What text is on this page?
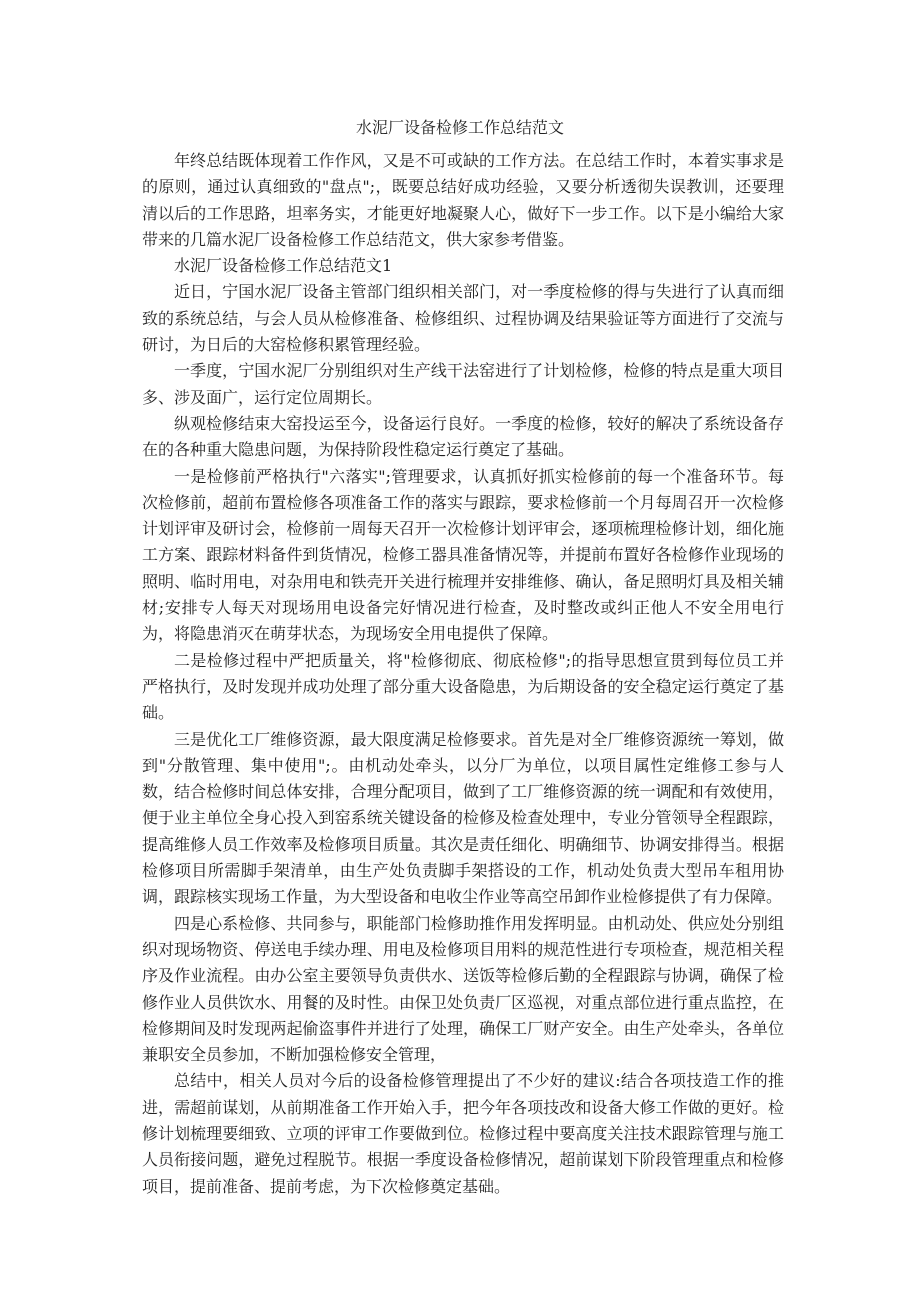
水泥厂设备检修工作总结范文

年终总结既体现着工作作风，又是不可或缺的工作方法。在总结工作时，本着实事求是的原则，通过认真细致的"盘点";，既要总结好成功经验，又要分析透彻失误教训，还要理清以后的工作思路，坦率务实，才能更好地凝聚人心，做好下一步工作。以下是小编给大家带来的几篇水泥厂设备检修工作总结范文，供大家参考借鉴。

水泥厂设备检修工作总结范文1

近日，宁国水泥厂设备主管部门组织相关部门，对一季度检修的得与失进行了认真而细致的系统总结，与会人员从检修准备、检修组织、过程协调及结果验证等方面进行了交流与研讨，为日后的大窑检修积累管理经验。

一季度，宁国水泥厂分别组织对生产线干法窑进行了计划检修，检修的特点是重大项目多、涉及面广，运行定位周期长。

纵观检修结束大窑投运至今，设备运行良好。一季度的检修，较好的解决了系统设备存在的各种重大隐患问题，为保持阶段性稳定运行奠定了基础。

一是检修前严格执行"六落实";管理要求，认真抓好抓实检修前的每一个准备环节。每次检修前，超前布置检修各项准备工作的落实与跟踪，要求检修前一个月每周召开一次检修计划评审及研讨会，检修前一周每天召开一次检修计划评审会，逐项梳理检修计划，细化施工方案、跟踪材料备件到货情况，检修工器具准备情况等，并提前布置好各检修作业现场的照明、临时用电，对杂用电和铁壳开关进行梳理并安排维修、确认，备足照明灯具及相关辅材;安排专人每天对现场用电设备完好情况进行检查，及时整改或纠正他人不安全用电行为，将隐患消灭在萌芽状态，为现场安全用电提供了保障。

二是检修过程中严把质量关，将"检修彻底、彻底检修";的指导思想宣贯到每位员工并严格执行，及时发现并成功处理了部分重大设备隐患，为后期设备的安全稳定运行奠定了基础。

三是优化工厂维修资源，最大限度满足检修要求。首先是对全厂维修资源统一筹划，做到"分散管理、集中使用";。由机动处牵头，以分厂为单位，以项目属性定维修工参与人数，结合检修时间总体安排，合理分配项目，做到了工厂维修资源的统一调配和有效使用，便于业主单位全身心投入到窑系统关键设备的检修及检查处理中，专业分管领导全程跟踪，提高维修人员工作效率及检修项目质量。其次是责任细化、明确细节、协调安排得当。根据检修项目所需脚手架清单，由生产处负责脚手架搭设的工作，机动处负责大型吊车租用协调，跟踪核实现场工作量，为大型设备和电收尘作业等高空吊卸作业检修提供了有力保障。

四是心系检修、共同参与，职能部门检修助推作用发挥明显。由机动处、供应处分别组织对现场物资、停送电手续办理、用电及检修项目用料的规范性进行专项检查，规范相关程序及作业流程。由办公室主要领导负责供水、送饭等检修后勤的全程跟踪与协调，确保了检修作业人员供饮水、用餐的及时性。由保卫处负责厂区巡视，对重点部位进行重点监控，在检修期间及时发现两起偷盗事件并进行了处理，确保工厂财产安全。由生产处牵头，各单位兼职安全员参加，不断加强检修安全管理，

总结中，相关人员对今后的设备检修管理提出了不少好的建议:结合各项技造工作的推进，需超前谋划，从前期准备工作开始入手，把今年各项技改和设备大修工作做的更好。检修计划梳理要细致、立项的评审工作要做到位。检修过程中要高度关注技术跟踪管理与施工人员衔接问题，避免过程脱节。根据一季度设备检修情况，超前谋划下阶段管理重点和检修项目，提前准备、提前考虑，为下次检修奠定基础。
